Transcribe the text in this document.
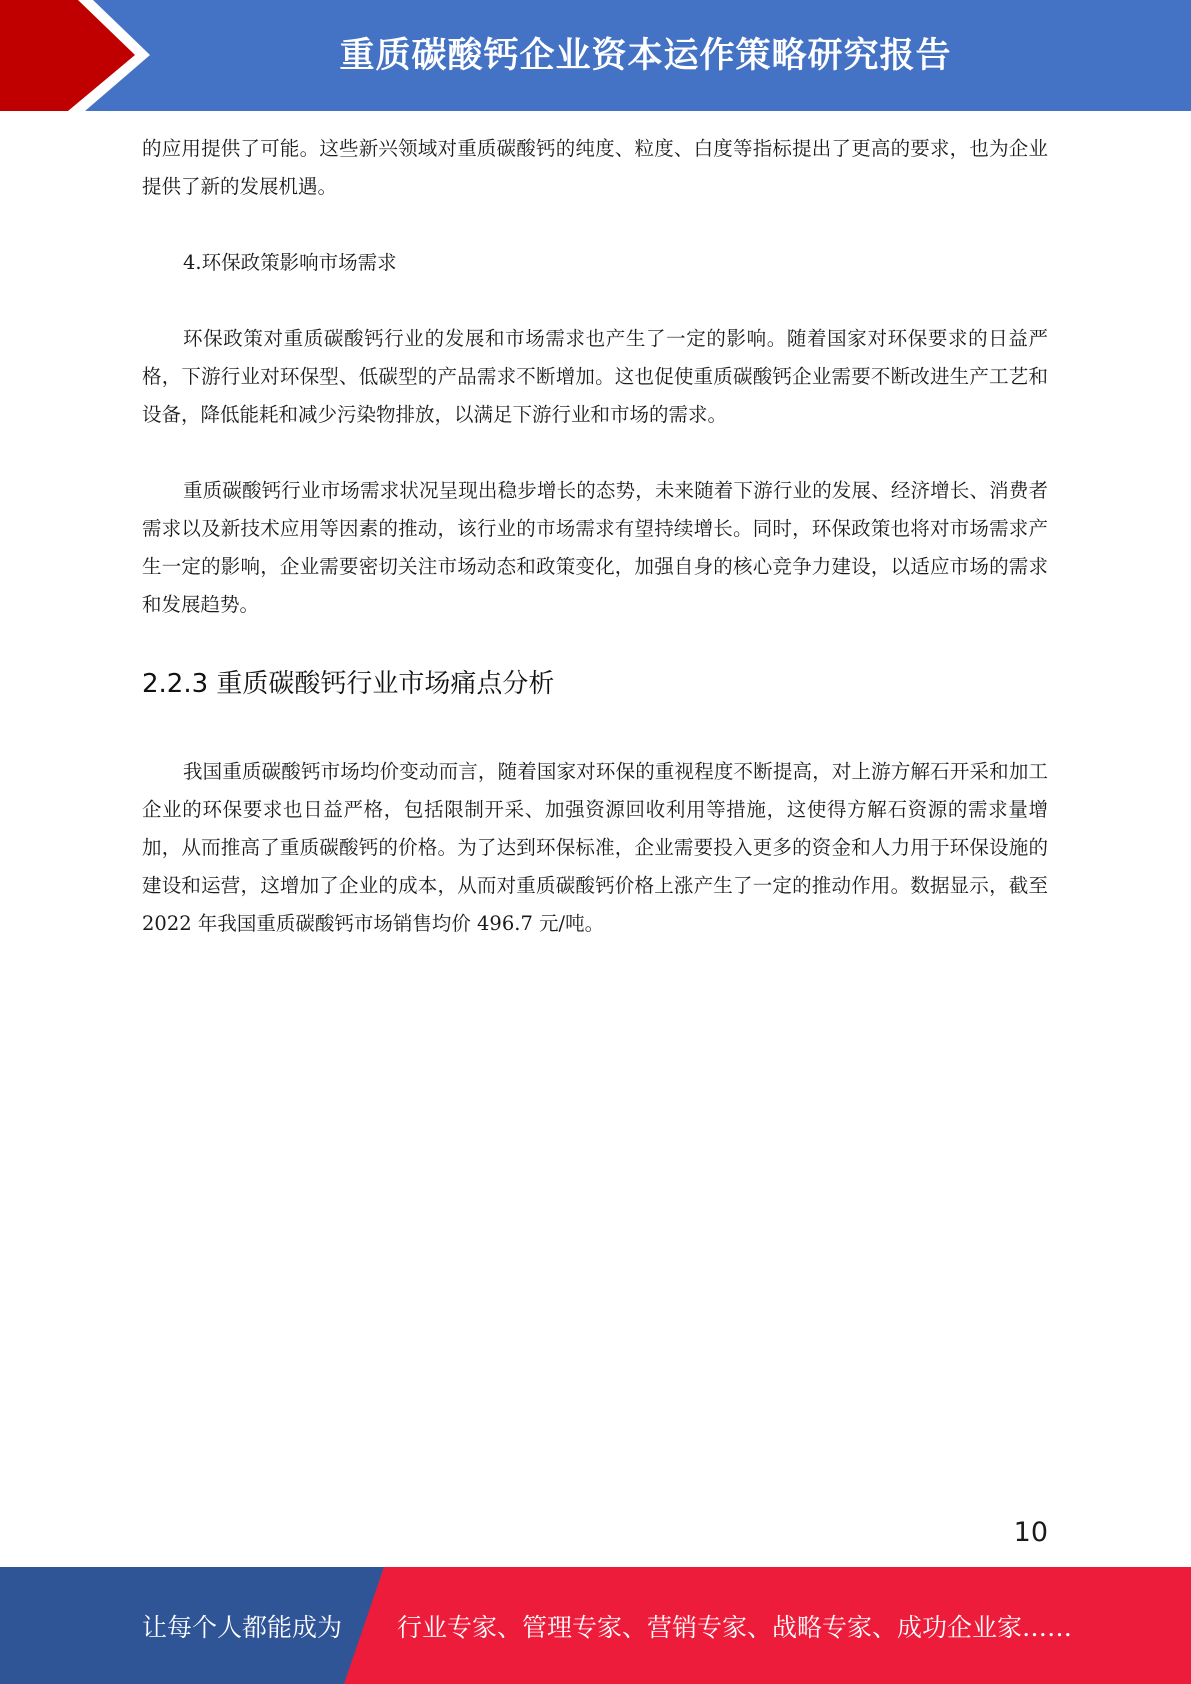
重质碳酸钙企业资本运作策略研究报告

的应用提供了可能。这些新兴领域对重质碳酸钙的纯度、粒度、白度等指标提出了更高的要求，也为企业提供了新的发展机遇。

4.环保政策影响市场需求

环保政策对重质碳酸钙行业的发展和市场需求也产生了一定的影响。随着国家对环保要求的日益严格，下游行业对环保型、低碳型的产品需求不断增加。这也促使重质碳酸钙企业需要不断改进生产工艺和设备，降低能耗和减少污染物排放，以满足下游行业和市场的需求。

重质碳酸钙行业市场需求状况呈现出稳步增长的态势，未来随着下游行业的发展、经济增长、消费者需求以及新技术应用等因素的推动，该行业的市场需求有望持续增长。同时，环保政策也将对市场需求产生一定的影响，企业需要密切关注市场动态和政策变化，加强自身的核心竞争力建设，以适应市场的需求和发展趋势。

2.2.3 重质碳酸钙行业市场痛点分析

我国重质碳酸钙市场均价变动而言，随着国家对环保的重视程度不断提高，对上游方解石开采和加工企业的环保要求也日益严格，包括限制开采、加强资源回收利用等措施，这使得方解石资源的需求量增加，从而推高了重质碳酸钙的价格。为了达到环保标准，企业需要投入更多的资金和人力用于环保设施的建设和运营，这增加了企业的成本，从而对重质碳酸钙价格上涨产生了一定的推动作用。数据显示，截至 2022 年我国重质碳酸钙市场销售均价 496.7 元/吨。

10
让每个人都能成为 行业专家、管理专家、营销专家、战略专家、成功企业家……
